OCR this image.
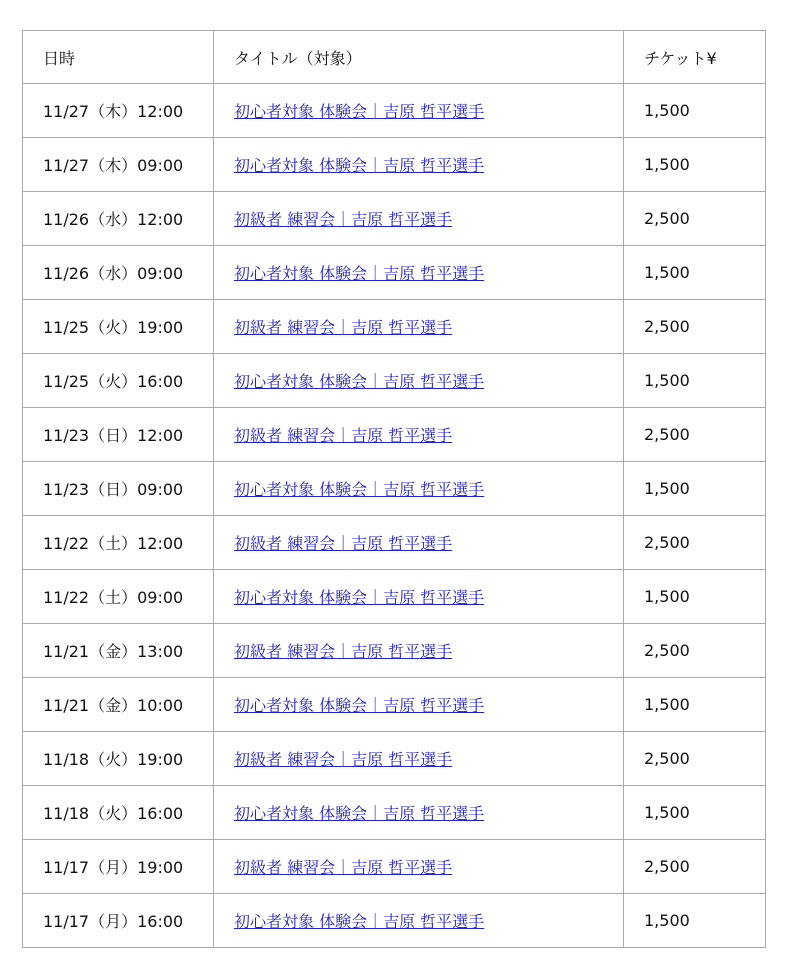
日時	タイトル（対象）	チケット¥
11/27（木）12:00	初心者対象 体験会｜吉原 哲平選手	1,500
11/27（木）09:00	初心者対象 体験会｜吉原 哲平選手	1,500
11/26（水）12:00	初級者 練習会｜吉原 哲平選手	2,500
11/26（水）09:00	初心者対象 体験会｜吉原 哲平選手	1,500
11/25（火）19:00	初級者 練習会｜吉原 哲平選手	2,500
11/25（火）16:00	初心者対象 体験会｜吉原 哲平選手	1,500
11/23（日）12:00	初級者 練習会｜吉原 哲平選手	2,500
11/23（日）09:00	初心者対象 体験会｜吉原 哲平選手	1,500
11/22（土）12:00	初級者 練習会｜吉原 哲平選手	2,500
11/22（土）09:00	初心者対象 体験会｜吉原 哲平選手	1,500
11/21（金）13:00	初級者 練習会｜吉原 哲平選手	2,500
11/21（金）10:00	初心者対象 体験会｜吉原 哲平選手	1,500
11/18（火）19:00	初級者 練習会｜吉原 哲平選手	2,500
11/18（火）16:00	初心者対象 体験会｜吉原 哲平選手	1,500
11/17（月）19:00	初級者 練習会｜吉原 哲平選手	2,500
11/17（月）16:00	初心者対象 体験会｜吉原 哲平選手	1,500
